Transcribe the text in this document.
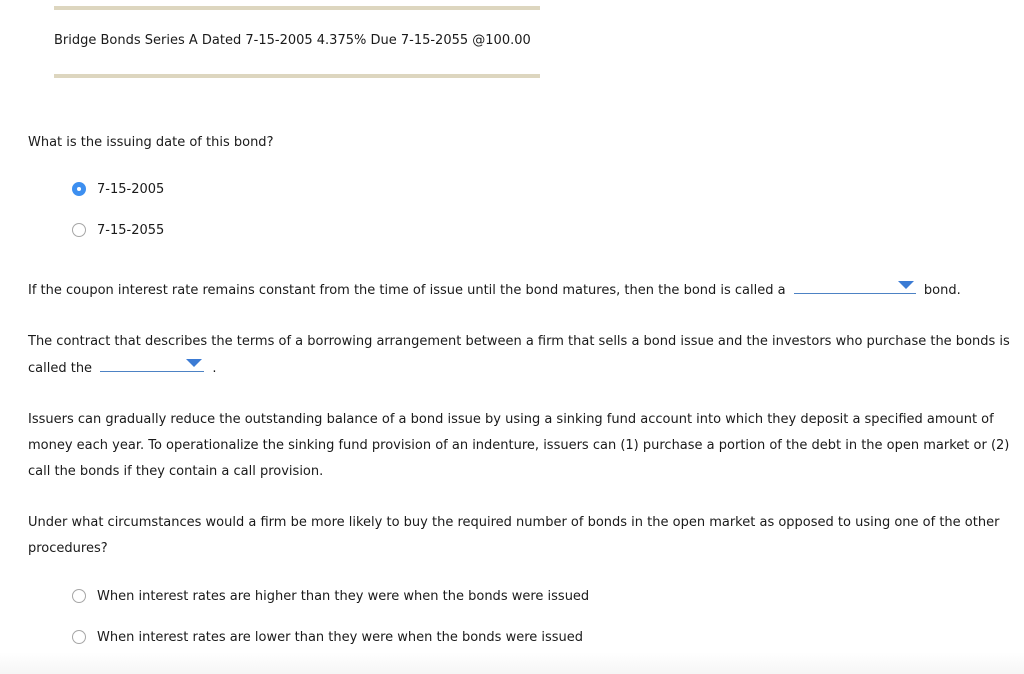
Bridge Bonds Series A Dated 7-15-2005 4.375% Due 7-15-2055 @100.00
What is the issuing date of this bond?
7-15-2005
7-15-2055
If the coupon interest rate remains constant from the time of issue until the bond matures, then the bond is called a	bond.
The contract that describes the terms of a borrowing arrangement between a firm that sells a bond issue and the investors who purchase the bonds is
called the	.
Issuers can gradually reduce the outstanding balance of a bond issue by using a sinking fund account into which they deposit a specified amount of
money each year. To operationalize the sinking fund provision of an indenture, issuers can (1) purchase a portion of the debt in the open market or (2)
call the bonds if they contain a call provision.
Under what circumstances would a firm be more likely to buy the required number of bonds in the open market as opposed to using one of the other
procedures?
When interest rates are higher than they were when the bonds were issued
When interest rates are lower than they were when the bonds were issued
